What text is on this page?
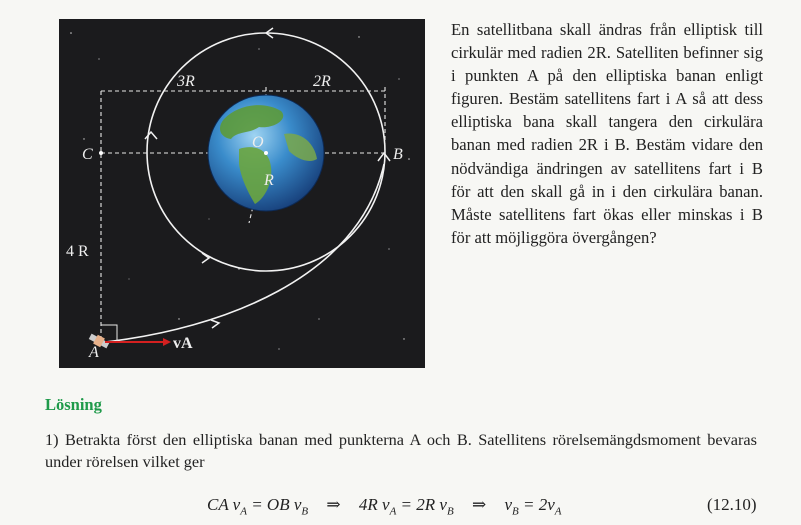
3R	2R
O
C	B
R
4 R
A
vA
En satellitbana skall ändras från elliptisk till cirkulär med radien 2R. Satelliten befinner sig i punkten A på den elliptiska banan enligt figuren. Bestäm satellitens fart i A så att dess elliptiska bana skall tangera den cirkulära banan med radien 2R i B. Bestäm vidare den nödvändiga ändringen av satellitens fart i B för att den skall gå in i den cirkulära banan. Måste satellitens fart ökas eller minskas i B för att möjliggöra övergången?
Lösning
1) Betrakta först den elliptiska banan med punkterna A och B. Satellitens rörelsemängdsmoment bevaras under rörelsen vilket ger
CA $v_A$ = OB $v_B$ ⇒ 4R $v_A = 2R$ $v_B$ ⇒ $v_B = 2v_A$	(12.10)
